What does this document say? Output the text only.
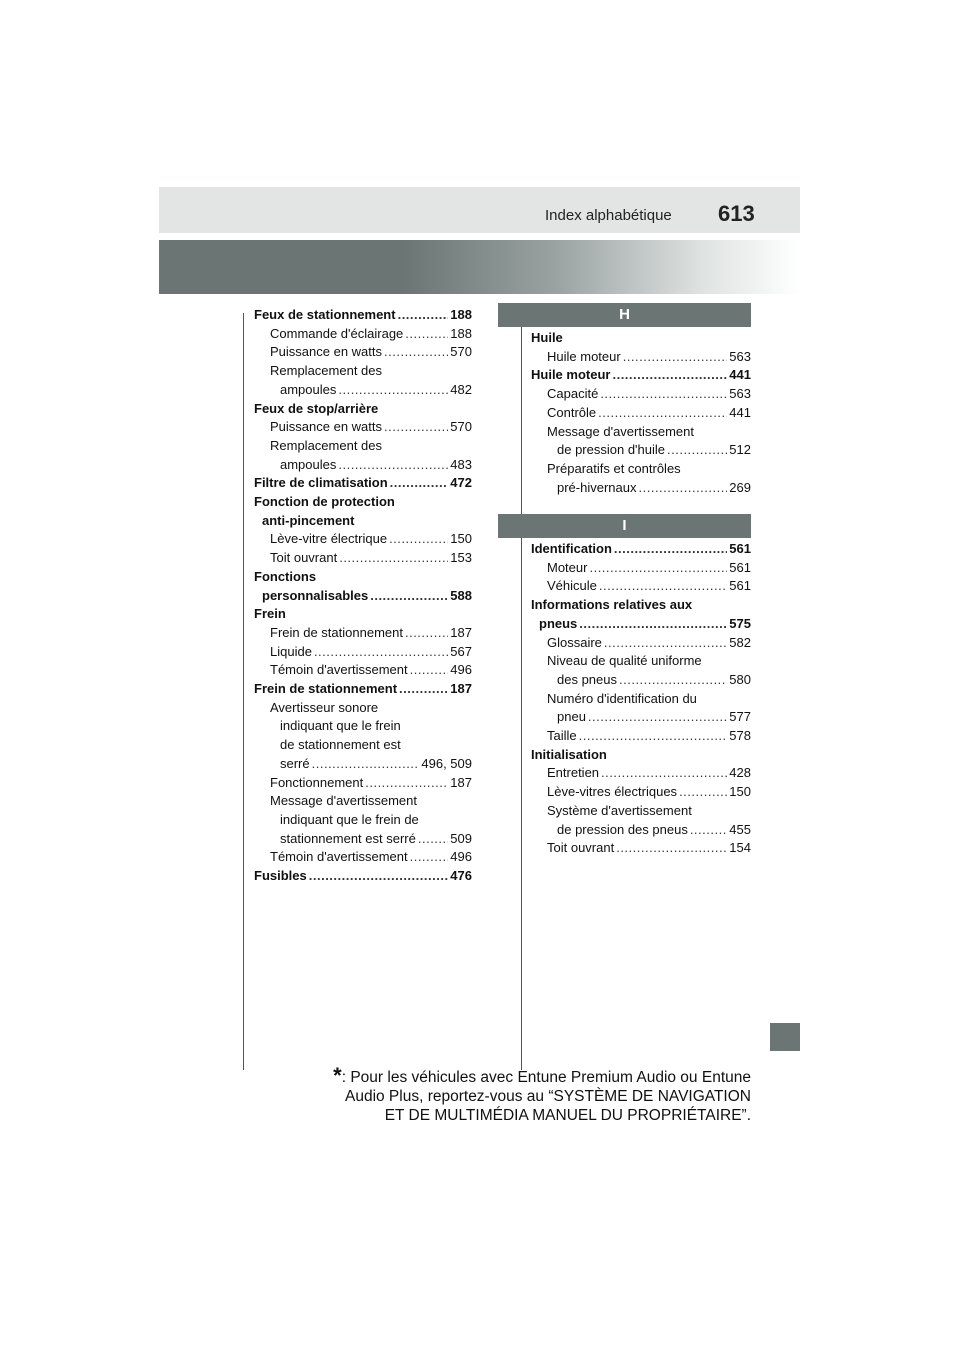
Index alphabétique 613
Feux de stationnement .....	188
Commande d'éclairage .....	188
Puissance en watts .....	570
Remplacement des
ampoules .....	482
Feux de stop/arrière
Puissance en watts .....	570
Remplacement des
ampoules .....	483
Filtre de climatisation .....	472
Fonction de protection
anti-pincement
Lève-vitre électrique .....	150
Toit ouvrant .....	153
Fonctions
personnalisables .....	588
Frein
Frein de stationnement .....	187
Liquide .....	567
Témoin d'avertissement .....	496
Frein de stationnement .....	187
Avertisseur sonore
indiquant que le frein
de stationnement est
serré .....	496, 509
Fonctionnement .....	187
Message d'avertissement
indiquant que le frein de
stationnement est serré .....	509
Témoin d'avertissement .....	496
Fusibles .....	476
H
Huile
Huile moteur .....	563
Huile moteur .....	441
Capacité .....	563
Contrôle .....	441
Message d'avertissement
de pression d'huile .....	512
Préparatifs et contrôles
pré-hivernaux .....	269
I
Identification .....	561
Moteur .....	561
Véhicule .....	561
Informations relatives aux
pneus .....	575
Glossaire .....	582
Niveau de qualité uniforme
des pneus .....	580
Numéro d'identification du
pneu .....	577
Taille .....	578
Initialisation
Entretien .....	428
Lève-vitres électriques .....	150
Système d'avertissement
de pression des pneus .....	455
Toit ouvrant .....	154
*: Pour les véhicules avec Entune Premium Audio ou Entune
Audio Plus, reportez-vous au “SYSTÈME DE NAVIGATION
ET DE MULTIMÉDIA MANUEL DU PROPRIÉTAIRE”.
